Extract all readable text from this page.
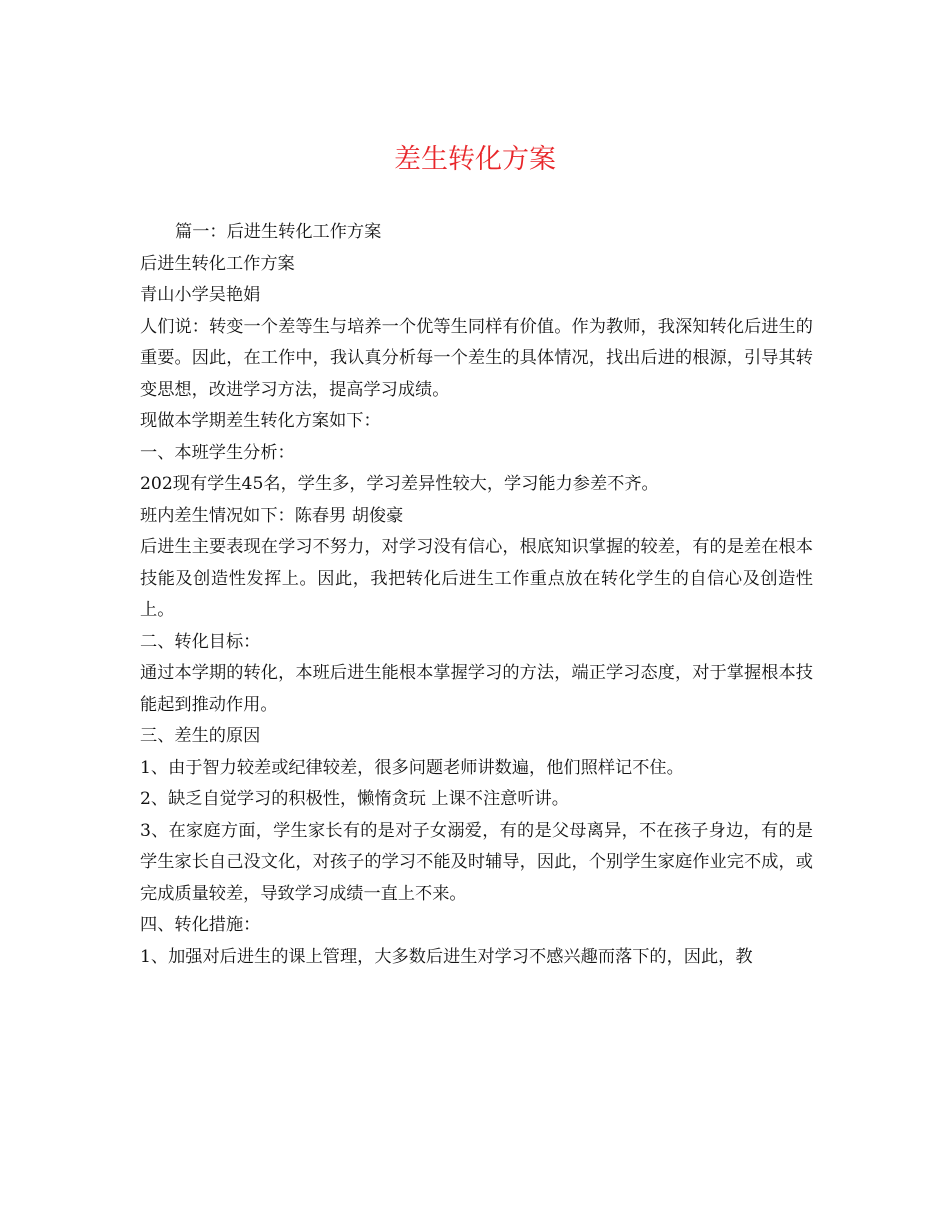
差生转化方案

篇一：后进生转化工作方案

后进生转化工作方案

青山小学吴艳娟

人们说：转变一个差等生与培养一个优等生同样有价值。作为教师，我深知转化后进生的重要。因此，在工作中，我认真分析每一个差生的具体情况，找出后进的根源，引导其转变思想，改进学习方法，提高学习成绩。

现做本学期差生转化方案如下：

一、本班学生分析：

202现有学生45名，学生多，学习差异性较大，学习能力参差不齐。

班内差生情况如下：陈春男 胡俊豪

后进生主要表现在学习不努力，对学习没有信心，根底知识掌握的较差，有的是差在根本技能及创造性发挥上。因此，我把转化后进生工作重点放在转化学生的自信心及创造性上。

二、转化目标：

通过本学期的转化，本班后进生能根本掌握学习的方法，端正学习态度，对于掌握根本技能起到推动作用。

三、差生的原因

1、由于智力较差或纪律较差，很多问题老师讲数遍，他们照样记不住。

2、缺乏自觉学习的积极性，懒惰贪玩 上课不注意听讲。

3、在家庭方面，学生家长有的是对子女溺爱，有的是父母离异，不在孩子身边，有的是学生家长自己没文化，对孩子的学习不能及时辅导，因此，个别学生家庭作业完不成，或完成质量较差，导致学习成绩一直上不来。

四、转化措施：

1、加强对后进生的课上管理，大多数后进生对学习不感兴趣而落下的，因此，教
